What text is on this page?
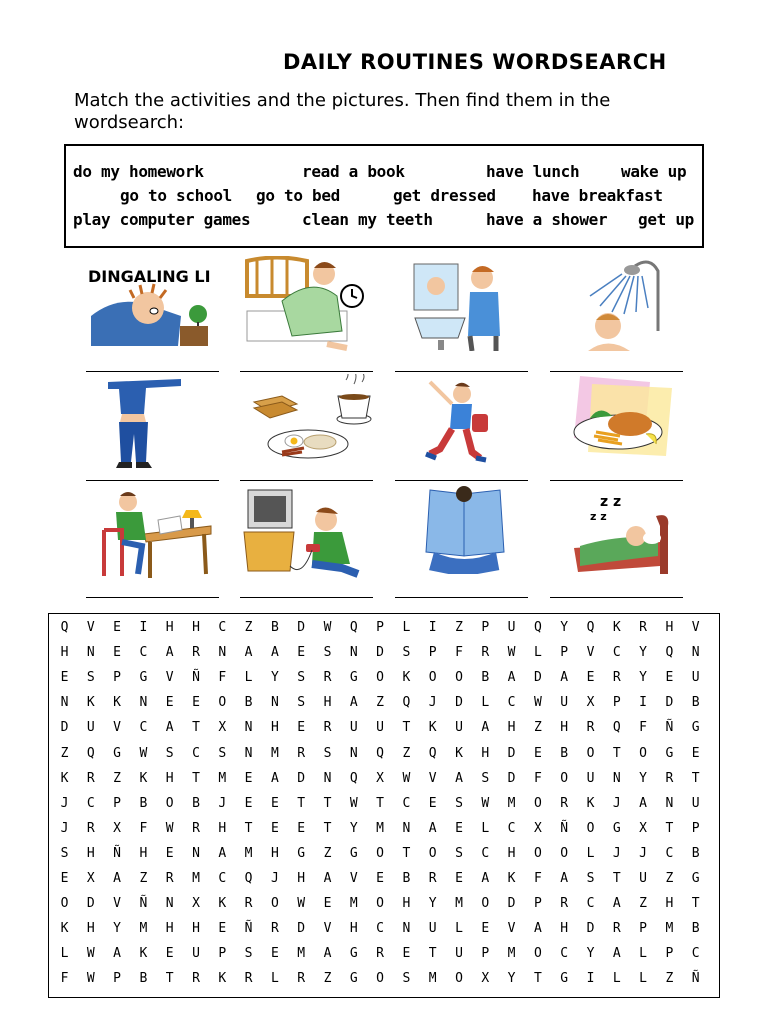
DAILY ROUTINES WORDSEARCH
Match the activities and the pictures. Then find them in the wordsearch:
do my homework	read a book	have lunch	wake up
go to school go to bed	get dressed have breakfast
play computer games	clean my teeth	have a shower get up
DINGALING LI
z z
z z
Q	V	E	I	H	H	C	Z	B	D	W	Q	P	L	I	Z	P	U	Q	Y	Q	K	R	H	V
H	N	E	C	A	R	N	A	A	E	S	N	D	S	P	F	R	W	L	P	V	C	Y	Q	N
E	S	P	G	V	Ñ	F	L	Y	S	R	G	O	K	O	O	B	A	D	A	E	R	Y	E	U
N	K	K	N	E	E	O	B	N	S	H	A	Z	Q	J	D	L	C	W	U	X	P	I	D	B
D	U	V	C	A	T	X	N	H	E	R	U	U	T	K	U	A	H	Z	H	R	Q	F	Ñ	G
Z	Q	G	W	S	C	S	N	M	R	S	N	Q	Z	Q	K	H	D	E	B	O	T	O	G	E
K	R	Z	K	H	T	M	E	A	D	N	Q	X	W	V	A	S	D	F	O	U	N	Y	R	T
J	C	P	B	O	B	J	E	E	T	T	W	T	C	E	S	W	M	O	R	K	J	A	N	U
J	R	X	F	W	R	H	T	E	E	T	Y	M	N	A	E	L	C	X	Ñ	O	G	X	T	P
S	H	Ñ	H	E	N	A	M	H	G	Z	G	O	T	O	S	C	H	O	O	L	J	J	C	B
E	X	A	Z	R	M	C	Q	J	H	A	V	E	B	R	E	A	K	F	A	S	T	U	Z	G
O	D	V	Ñ	N	X	K	R	O	W	E	M	O	H	Y	M	O	D	P	R	C	A	Z	H	T
K	H	Y	M	H	H	E	Ñ	R	D	V	H	C	N	U	L	E	V	A	H	D	R	P	M	B
L	W	A	K	E	U	P	S	E	M	A	G	R	E	T	U	P	M	O	C	Y	A	L	P	C
F	W	P	B	T	R	K	R	L	R	Z	G	O	S	M	O	X	Y	T	G	I	L	L	Z	Ñ
